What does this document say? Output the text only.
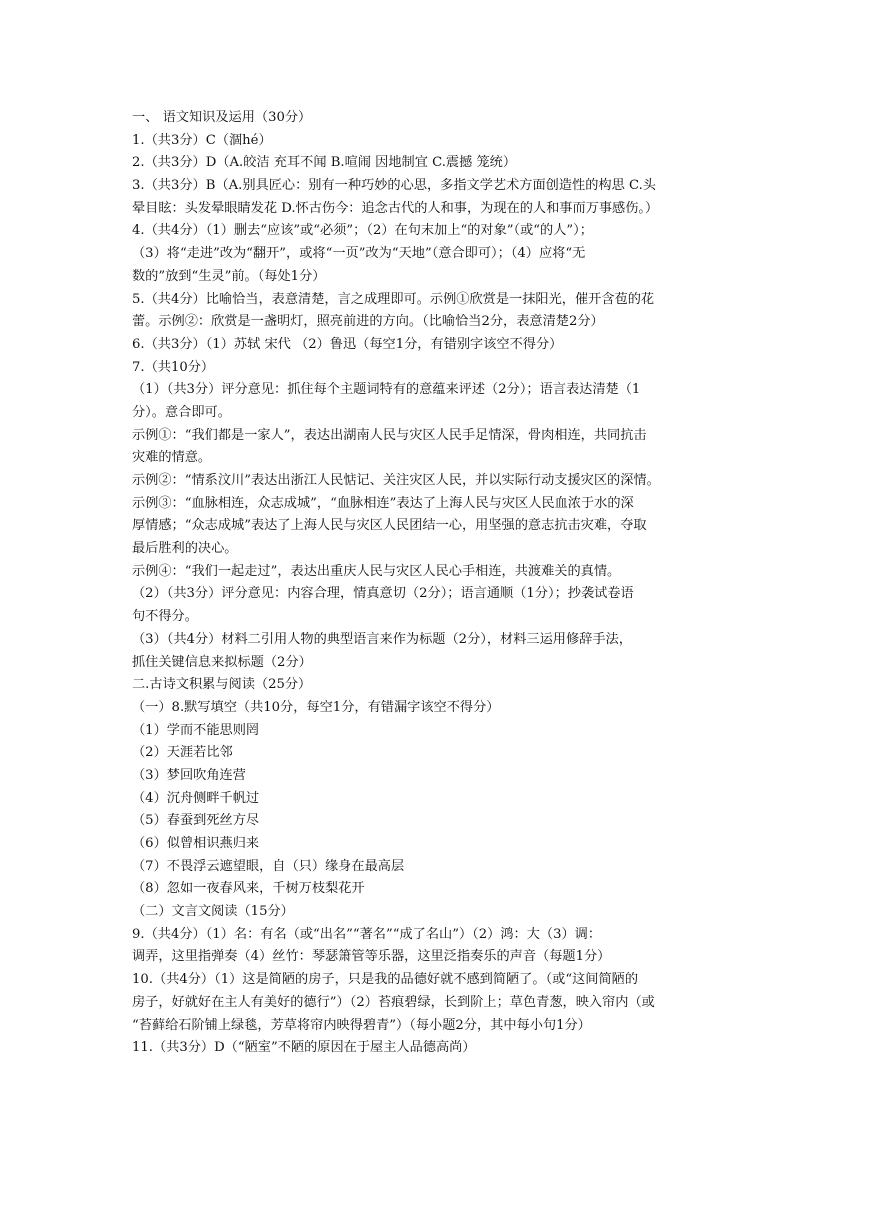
一、 语文知识及运用（30分）
1.（共3分）C（涸hé）
2.（共3分）D（A.皎洁 充耳不闻 B.喧闹 因地制宜 C.震撼 笼统）
3.（共3分）B（A.别具匠心：别有一种巧妙的心思，多指文学艺术方面创造性的构思 C.头
晕目眩：头发晕眼睛发花 D.怀古伤今：追念古代的人和事，为现在的人和事而万事感伤。）
4.（共4分）（1）删去“应该”或“必须”；（2）在句末加上“的对象”（或“的人”）；
（3）将“走进”改为“翻开”，或将“一页”改为“天地”（意合即可）；（4）应将“无
数的”放到“生灵”前。（每处1分）
5.（共4分）比喻恰当，表意清楚，言之成理即可。示例①欣赏是一抹阳光，催开含苞的花
蕾。示例②：欣赏是一盏明灯，照亮前进的方向。（比喻恰当2分，表意清楚2分）
6.（共3分）（1）苏轼 宋代 （2）鲁迅（每空1分，有错别字该空不得分）
7.（共10分）
（1）（共3分）评分意见：抓住每个主题词特有的意蕴来评述（2分）；语言表达清楚（1
分）。意合即可。
示例①：“我们都是一家人”，表达出湖南人民与灾区人民手足情深，骨肉相连，共同抗击
灾难的情意。
示例②：“情系汶川”表达出浙江人民惦记、关注灾区人民，并以实际行动支援灾区的深情。
示例③：“血脉相连，众志成城”，“血脉相连”表达了上海人民与灾区人民血浓于水的深
厚情感；“众志成城”表达了上海人民与灾区人民团结一心，用坚强的意志抗击灾难，夺取
最后胜利的决心。
示例④：“我们一起走过”，表达出重庆人民与灾区人民心手相连，共渡难关的真情。
（2）（共3分）评分意见：内容合理，情真意切（2分）；语言通顺（1分）；抄袭试卷语
句不得分。
（3）（共4分）材料二引用人物的典型语言来作为标题（2分），材料三运用修辞手法，
抓住关键信息来拟标题（2分）
二.古诗文积累与阅读（25分）
（一）8.默写填空（共10分，每空1分，有错漏字该空不得分）
（1）学而不能思则罔
（2）天涯若比邻
（3）梦回吹角连营
（4）沉舟侧畔千帆过
（5）春蚕到死丝方尽
（6）似曾相识燕归来
（7）不畏浮云遮望眼，自（只）缘身在最高层
（8）忽如一夜春风来，千树万枝梨花开
（二）文言文阅读（15分）
9.（共4分）（1）名：有名（或“出名”“著名”“成了名山”）（2）鸿：大（3）调：
调弄，这里指弹奏（4）丝竹：琴瑟箫管等乐器，这里泛指奏乐的声音（每题1分）
10.（共4分）（1）这是简陋的房子，只是我的品德好就不感到简陋了。（或“这间简陋的
房子，好就好在主人有美好的德行”）（2）苔痕碧绿，长到阶上；草色青葱，映入帘内（或
“苔藓给石阶铺上绿毯，芳草将帘内映得碧青”）（每小题2分，其中每小句1分）
11.（共3分）D（“陋室”不陋的原因在于屋主人品德高尚）
